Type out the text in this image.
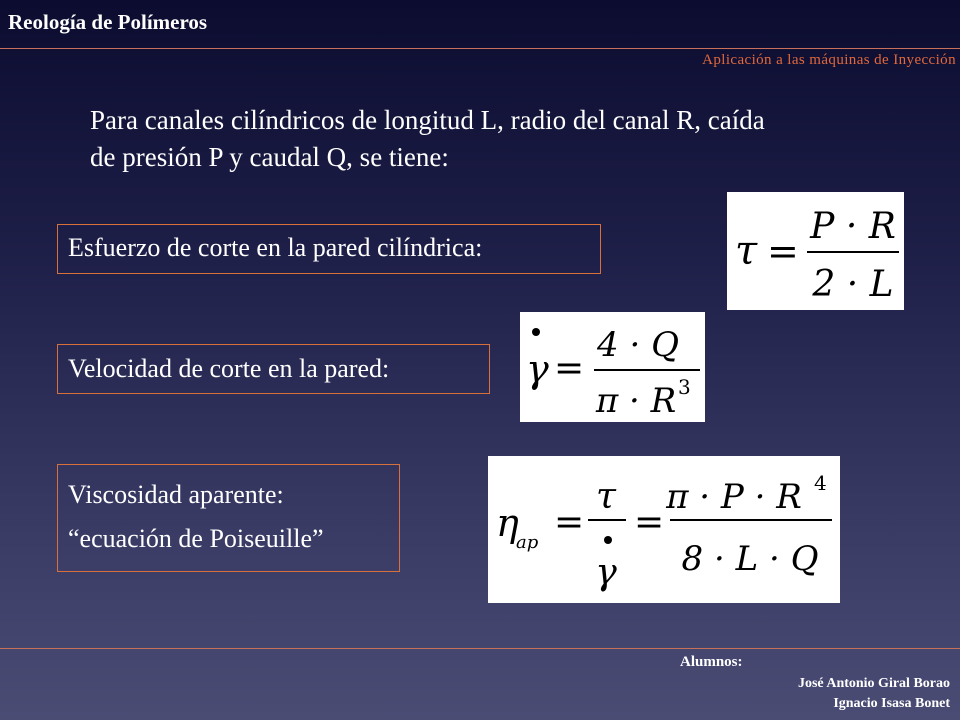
Reología de Polímeros
Aplicación a las máquinas de Inyección
Para canales cilíndricos de longitud L, radio del canal R, caída
de presión P y caudal Q, se tiene:
Esfuerzo de corte en la pared cilíndrica:
Velocidad de corte en la pared:
Viscosidad aparente:
“ecuación de Poiseuille”
τ =
P · R
2 · L
γ =
4 · Q
π · R 3
η
ap =
τ
γ
=
π · P · R 4
8 · L · Q
Alumnos:
José Antonio Giral Borao
Ignacio Isasa Bonet
